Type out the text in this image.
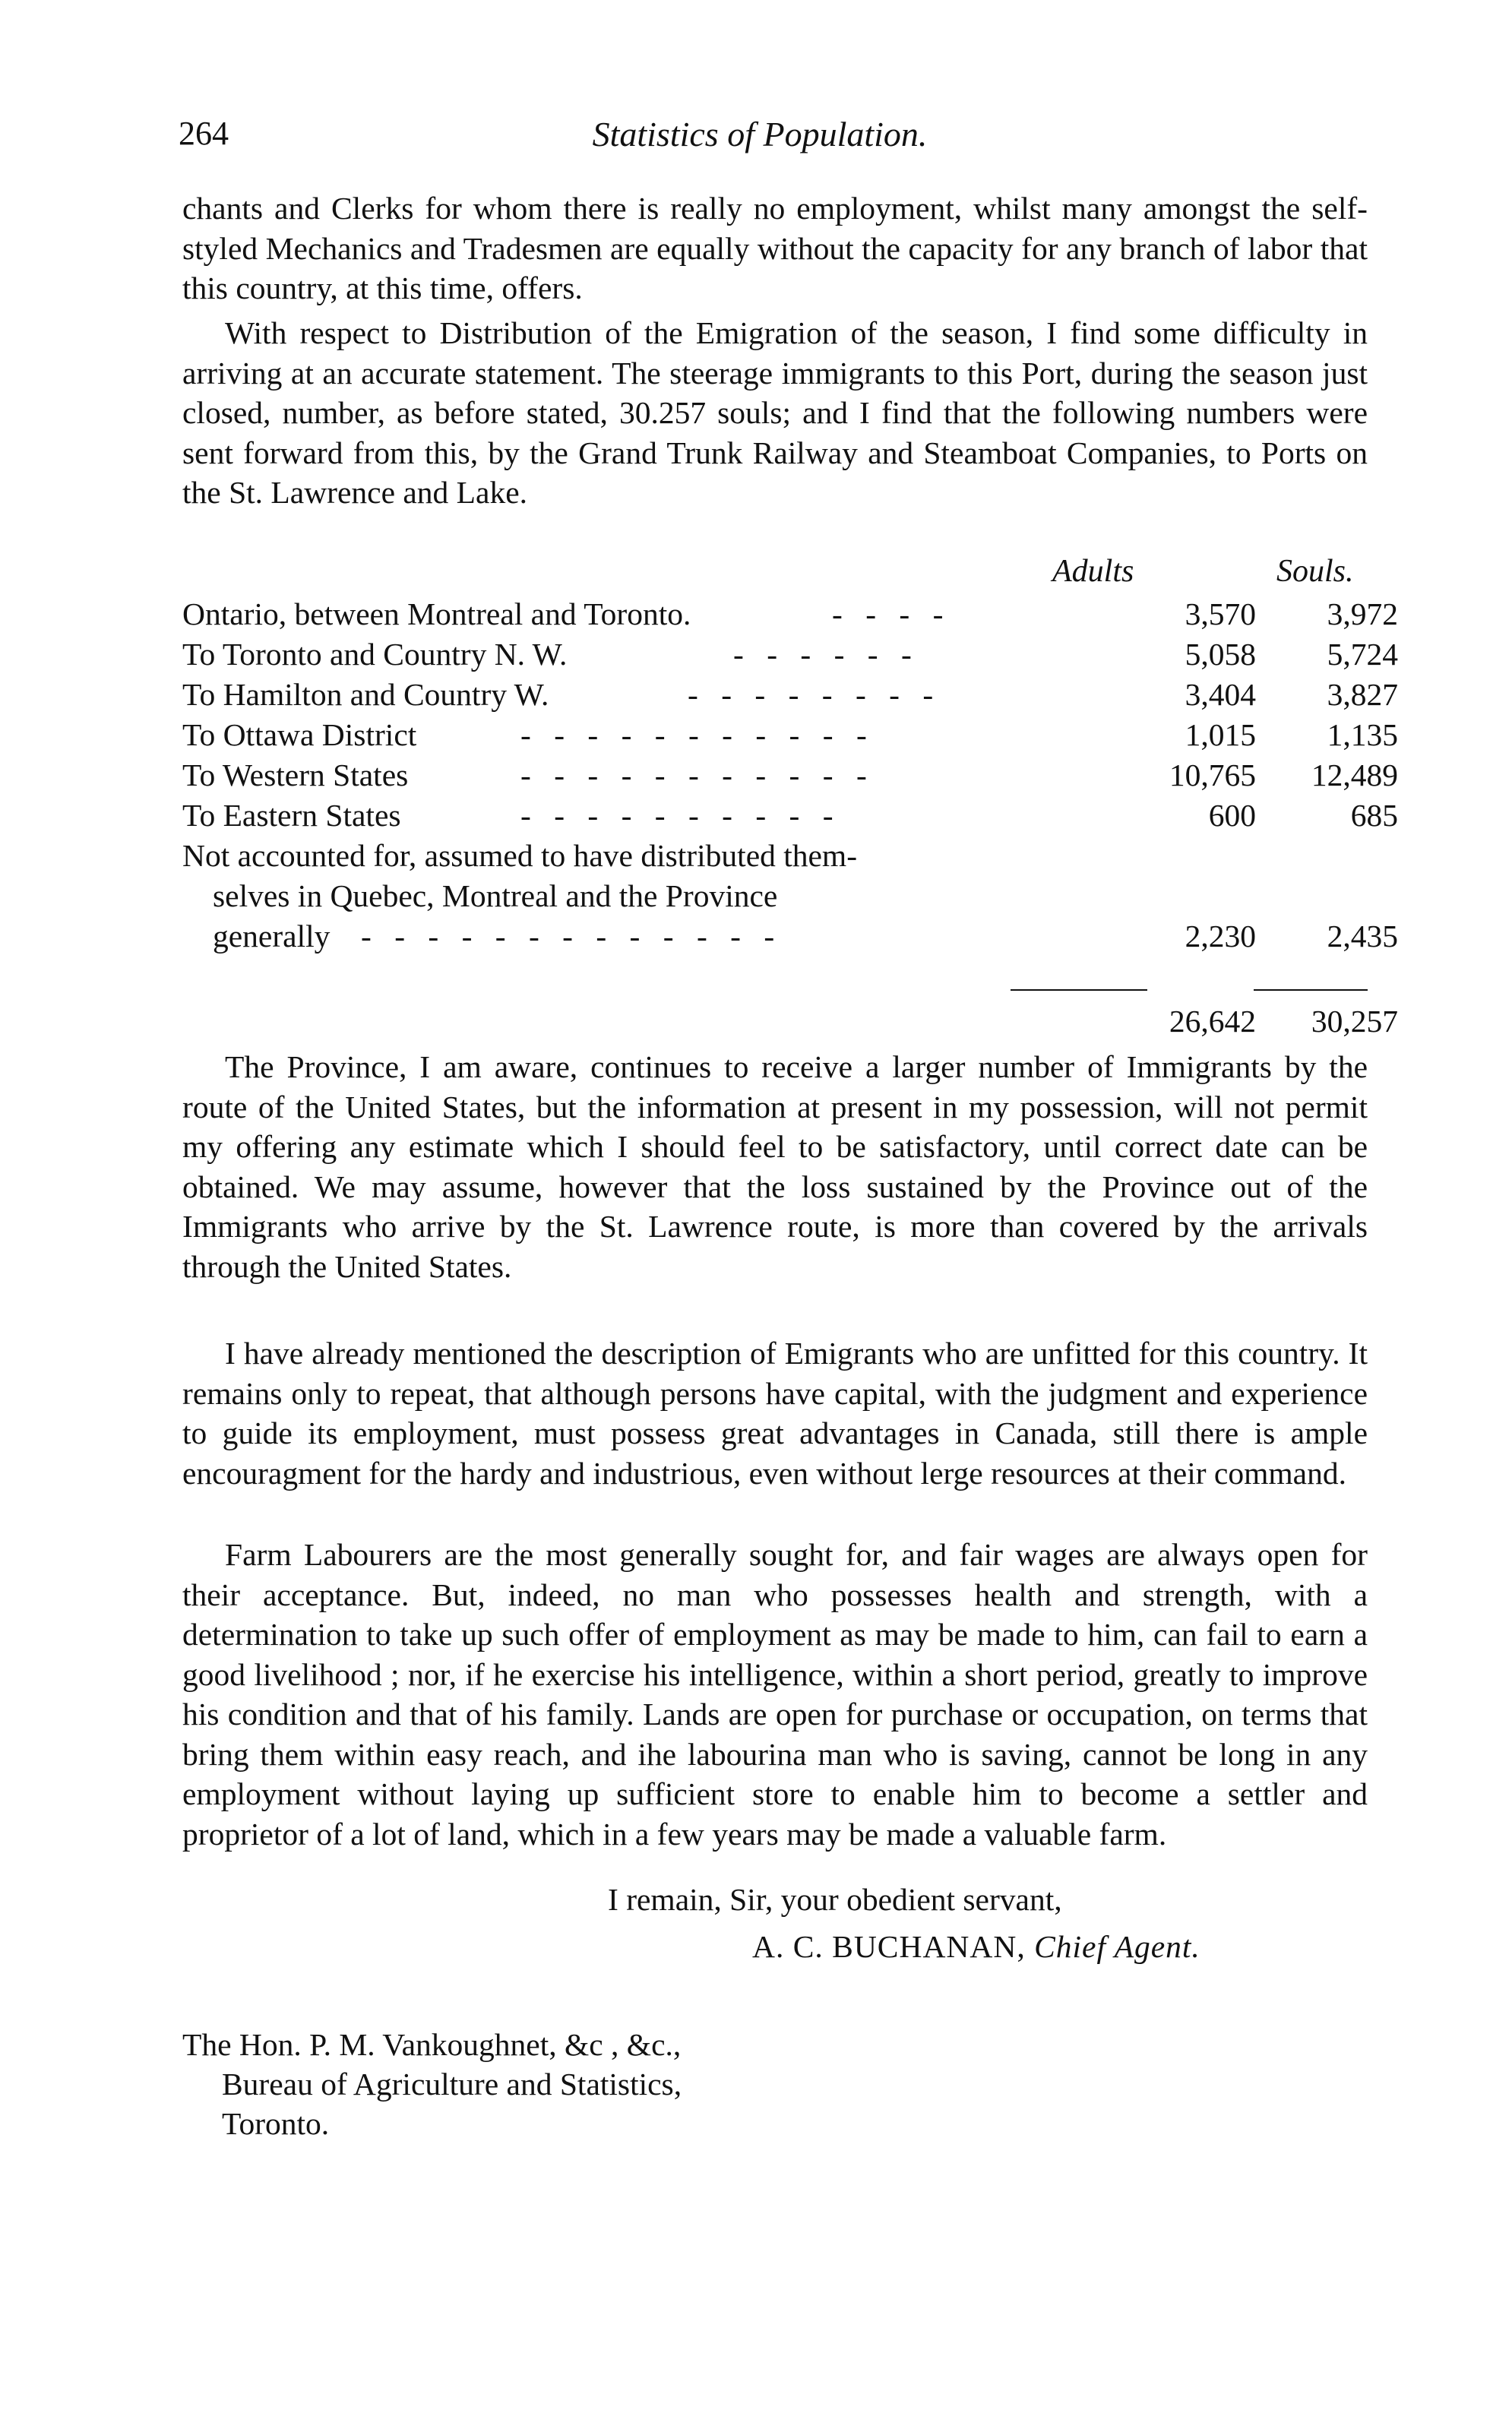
264	Statistics of Population.

chants and Clerks for whom there is really no employment, whilst many amongst the self-styled Mechanics and Tradesmen are equally without the capacity for any branch of labor that this country, at this time, offers.

With respect to Distribution of the Emigration of the season, I find some difficulty in arriving at an accurate statement. The steerage immigrants to this Port, during the season just closed, number, as before stated, 30.257 souls; and I find that the following numbers were sent forward from this, by the Grand Trunk Railway and Steamboat Companies, to Ports on the St. Lawrence and Lake.

Adults	Souls.
Ontario, between Montreal and Toronto.	- - - -	3,570	3,972
To Toronto and Country N. W.	- - - - - -	5,058	5,724
To Hamilton and Country W.	- - - - - - - -	3,404	3,827
To Ottawa District	- - - - - - - - - - -	1,015	1,135
To Western States	- - - - - - - - - - -	10,765	12,489
To Eastern States	- - - - - - - - - -	600	685
Not accounted for, assumed to have distributed them-
selves in Quebec, Montreal and the Province
generally - - - - - - - - - - - - -	2,230	2,435
26,642	30,257

The Province, I am aware, continues to receive a larger number of Immigrants by the route of the United States, but the information at present in my possession, will not permit my offering any estimate which I should feel to be satisfactory, until correct date can be obtained. We may assume, however that the loss sustained by the Province out of the Immigrants who arrive by the St. Lawrence route, is more than covered by the arrivals through the United States.

I have already mentioned the description of Emigrants who are unfitted for this country. It remains only to repeat, that although persons have capital, with the judgment and experience to guide its employment, must possess great advantages in Canada, still there is ample encouragment for the hardy and industrious, even without lerge resources at their command.

Farm Labourers are the most generally sought for, and fair wages are always open for their acceptance. But, indeed, no man who possesses health and strength, with a determination to take up such offer of employment as may be made to him, can fail to earn a good livelihood ; nor, if he exercise his intelligence, within a short period, greatly to improve his condition and that of his family. Lands are open for purchase or occupation, on terms that bring them within easy reach, and ihe labourina man who is saving, cannot be long in any employment without laying up sufficient store to enable him to become a settler and proprietor of a lot of land, which in a few years may be made a valuable farm.

I remain, Sir, your obedient servant,
A. C. BUCHANAN, Chief Agent.
The Hon. P. M. Vankoughnet, &c , &c.,
Bureau of Agriculture and Statistics,
Toronto.
